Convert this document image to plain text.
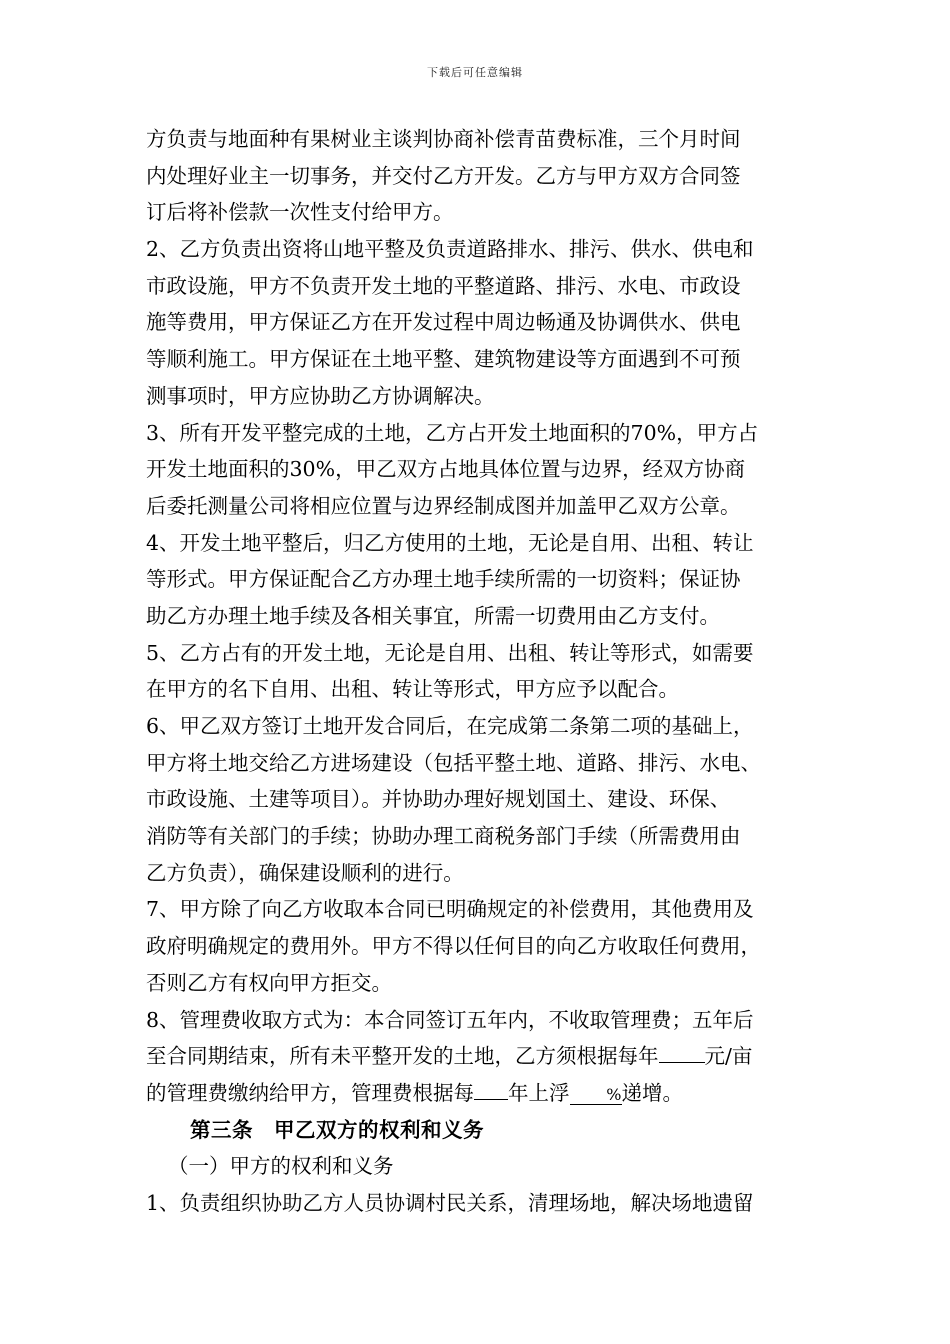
下载后可任意编辑
方负责与地面种有果树业主谈判协商补偿青苗费标准，三个月时间
内处理好业主一切事务，并交付乙方开发。乙方与甲方双方合同签
订后将补偿款一次性支付给甲方。
2、乙方负责出资将山地平整及负责道路排水、排污、供水、供电和
市政设施，甲方不负责开发土地的平整道路、排污、水电、市政设
施等费用，甲方保证乙方在开发过程中周边畅通及协调供水、供电
等顺利施工。甲方保证在土地平整、建筑物建设等方面遇到不可预
测事项时，甲方应协助乙方协调解决。
3、所有开发平整完成的土地，乙方占开发土地面积的70%，甲方占
开发土地面积的30%，甲乙双方占地具体位置与边界，经双方协商
后委托测量公司将相应位置与边界经制成图并加盖甲乙双方公章。
4、开发土地平整后，归乙方使用的土地，无论是自用、出租、转让
等形式。甲方保证配合乙方办理土地手续所需的一切资料；保证协
助乙方办理土地手续及各相关事宜，所需一切费用由乙方支付。
5、乙方占有的开发土地，无论是自用、出租、转让等形式，如需要
在甲方的名下自用、出租、转让等形式，甲方应予以配合。
6、甲乙双方签订土地开发合同后，在完成第二条第二项的基础上，
甲方将土地交给乙方进场建设（包括平整土地、道路、排污、水电、
市政设施、土建等项目）。并协助办理好规划国土、建设、环保、
消防等有关部门的手续；协助办理工商税务部门手续（所需费用由
乙方负责），确保建设顺利的进行。
7、甲方除了向乙方收取本合同已明确规定的补偿费用，其他费用及
政府明确规定的费用外。甲方不得以任何目的向乙方收取任何费用，
否则乙方有权向甲方拒交。
8、管理费收取方式为：本合同签订五年内，不收取管理费；五年后
至合同期结束，所有未平整开发的土地，乙方须根据每年 元/亩
的管理费缴纳给甲方，管理费根据每 年上浮 %递增。
第三条　甲乙双方的权利和义务
（一）甲方的权利和义务
1、负责组织协助乙方人员协调村民关系，清理场地，解决场地遗留
